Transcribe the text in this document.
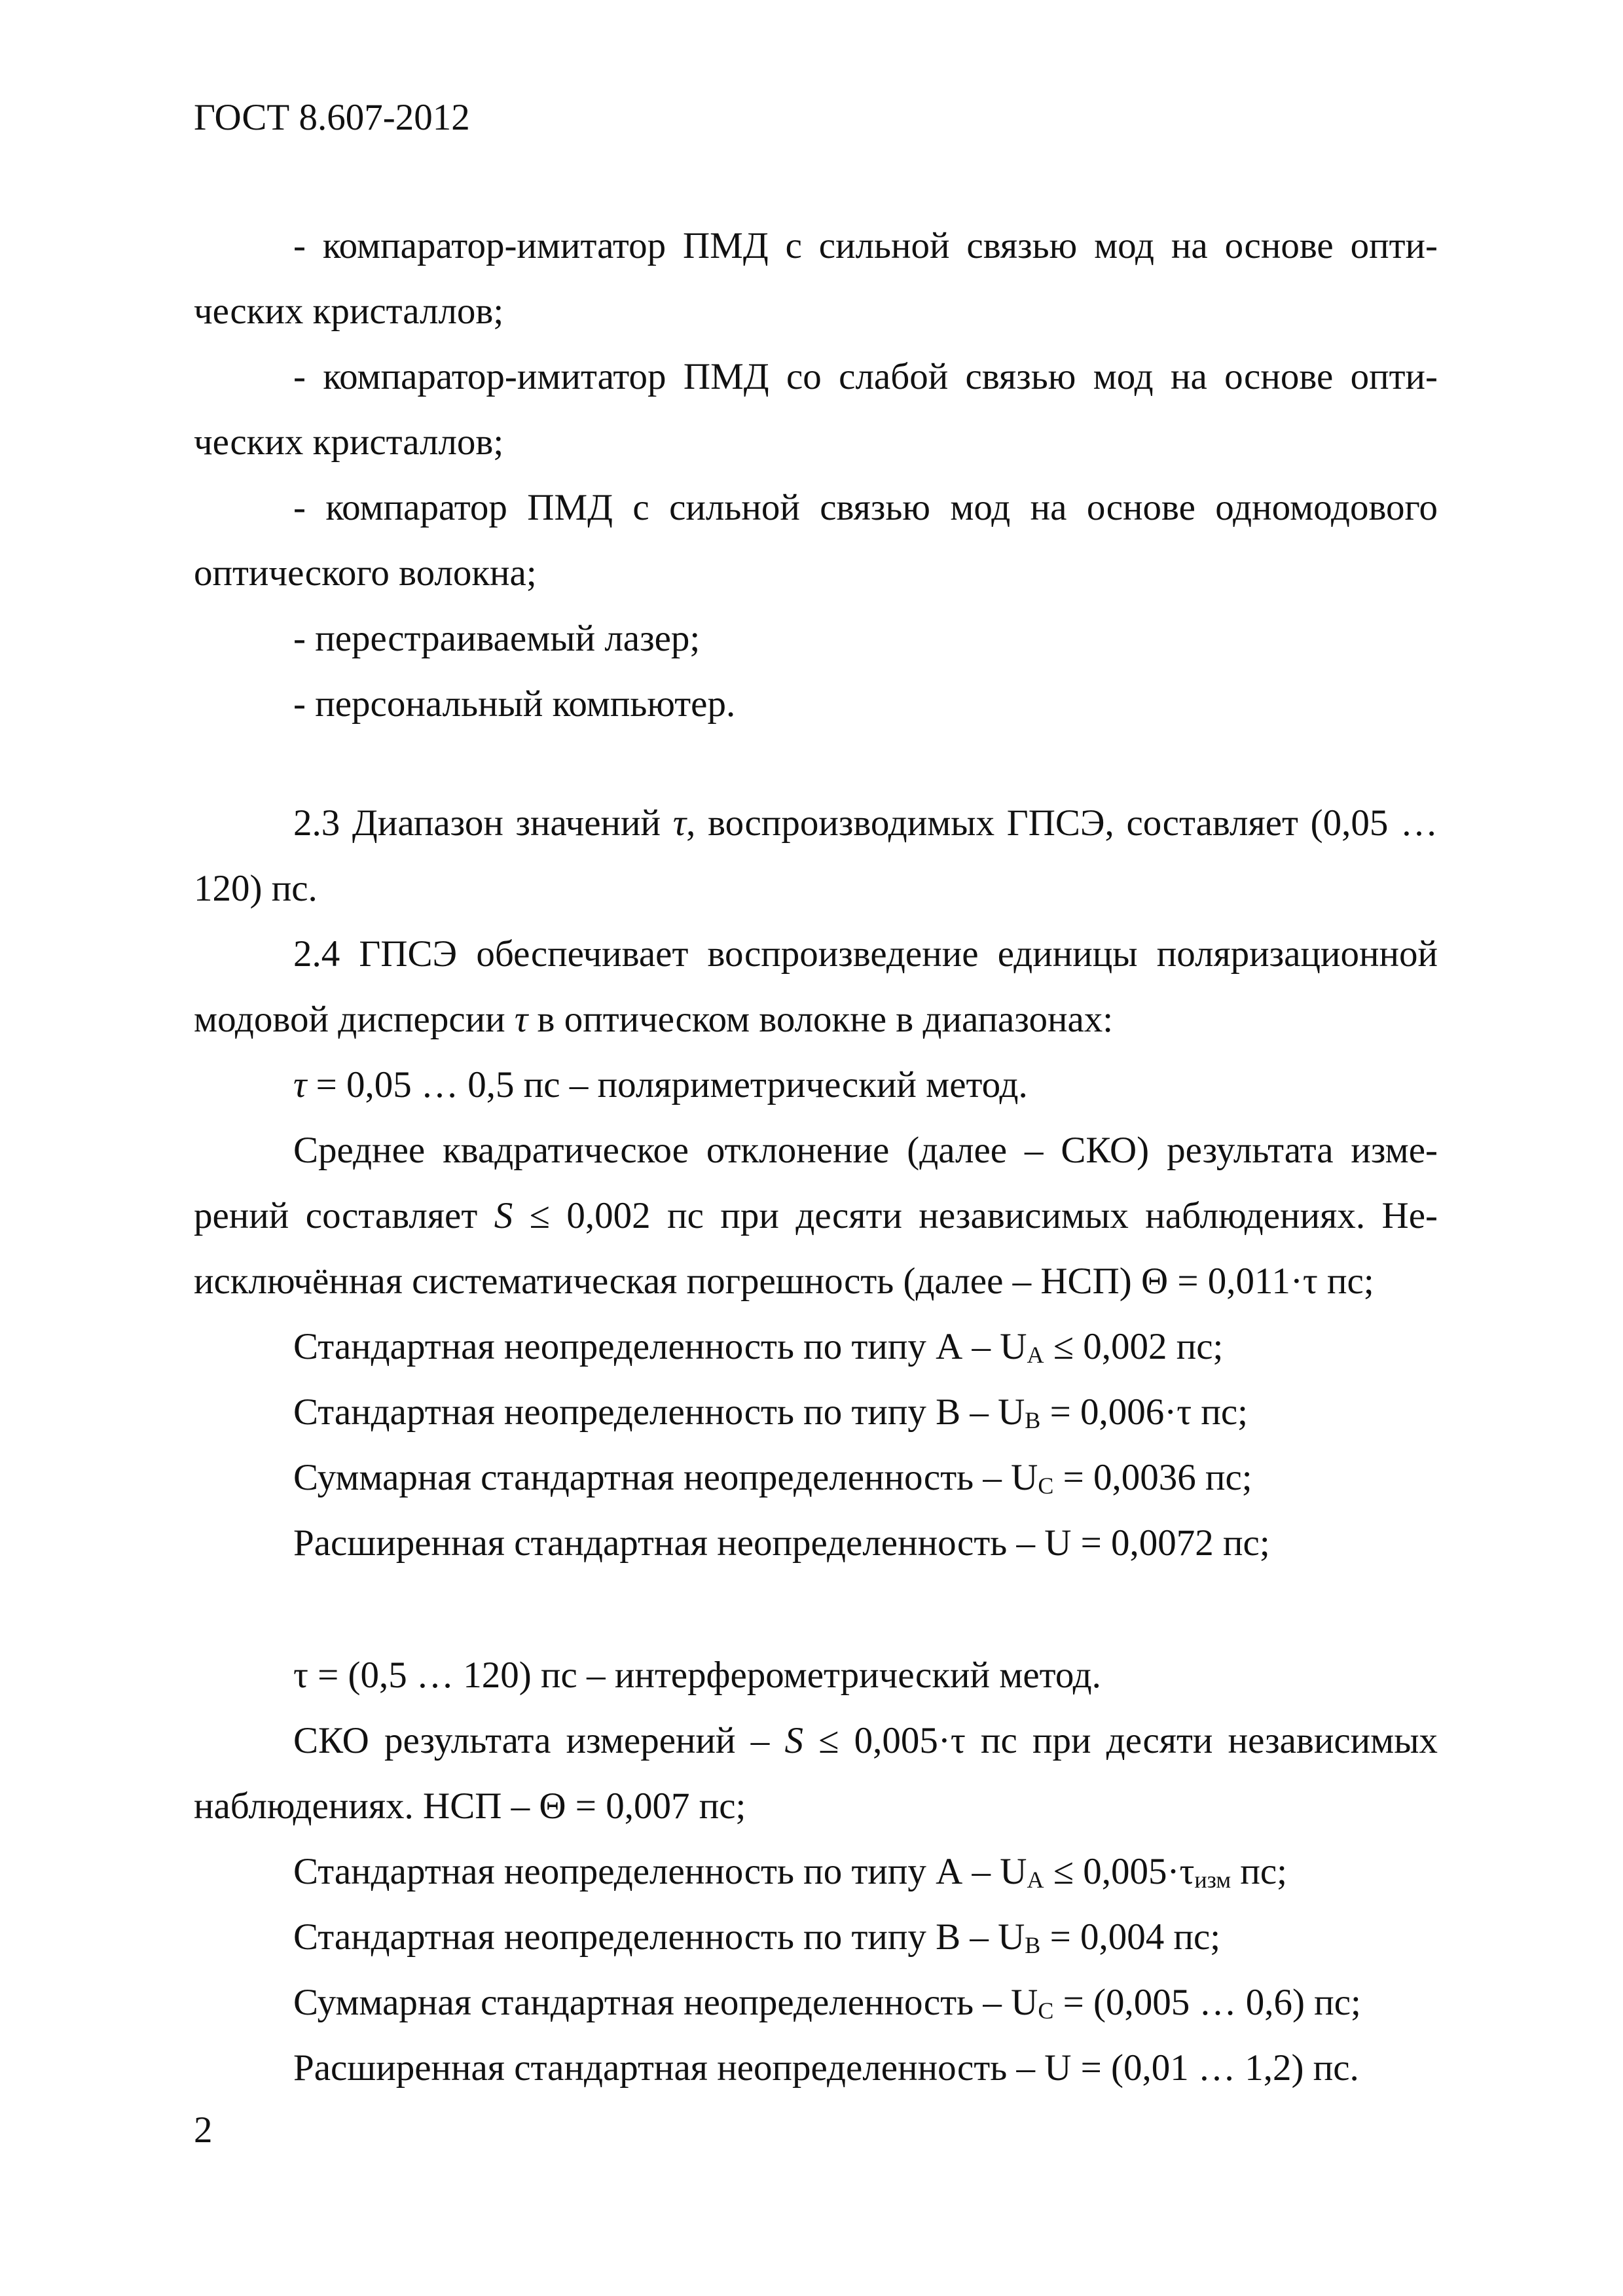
ГОСТ 8.607-2012
- компаратор-имитатор ПМД с сильной связью мод на основе опти-ческих кристаллов;
- компаратор-имитатор ПМД со слабой связью мод на основе опти-ческих кристаллов;
- компаратор ПМД с сильной связью мод на основе одномодового оптического волокна;
- перестраиваемый лазер;
- персональный компьютер.
2.3 Диапазон значений τ, воспроизводимых ГПСЭ, составляет (0,05 … 120) пс.
2.4 ГПСЭ обеспечивает воспроизведение единицы поляризационной модовой дисперсии τ в оптическом волокне в диапазонах:
τ = 0,05 … 0,5 пс – поляриметрический метод.
Среднее квадратическое отклонение (далее – СКО) результата изме-рений составляет S ≤ 0,002 пс при десяти независимых наблюдениях. Не-исключённая систематическая погрешность (далее – НСП) Θ = 0,011·τ пс;
Стандартная неопределенность по типу $А - U_A \le 0,002$ пс;
Стандартная неопределенность по типу $В - U_B = 0,006\cdot\tau$ пс;
Суммарная стандартная неопределенность – $U_C = 0,0036$ пс;
Расширенная стандартная неопределенность – U = 0,0072 пс;
τ = (0,5 … 120) пс – интерферометрический метод.
СКО результата измерений – S ≤ 0,005·τ пс при десяти независимых наблюдениях. НСП – Θ = 0,007 пс;
Стандартная неопределенность по типу $А - U_A \le 0,005\cdot\tau_{изм}$ пс;
Стандартная неопределенность по типу $В - U_B = 0,004$ пс;
Суммарная стандартная неопределенность – $U_C = (0,005$ … 0,6) пс;
Расширенная стандартная неопределенность – U = (0,01 … 1,2) пс.
2
